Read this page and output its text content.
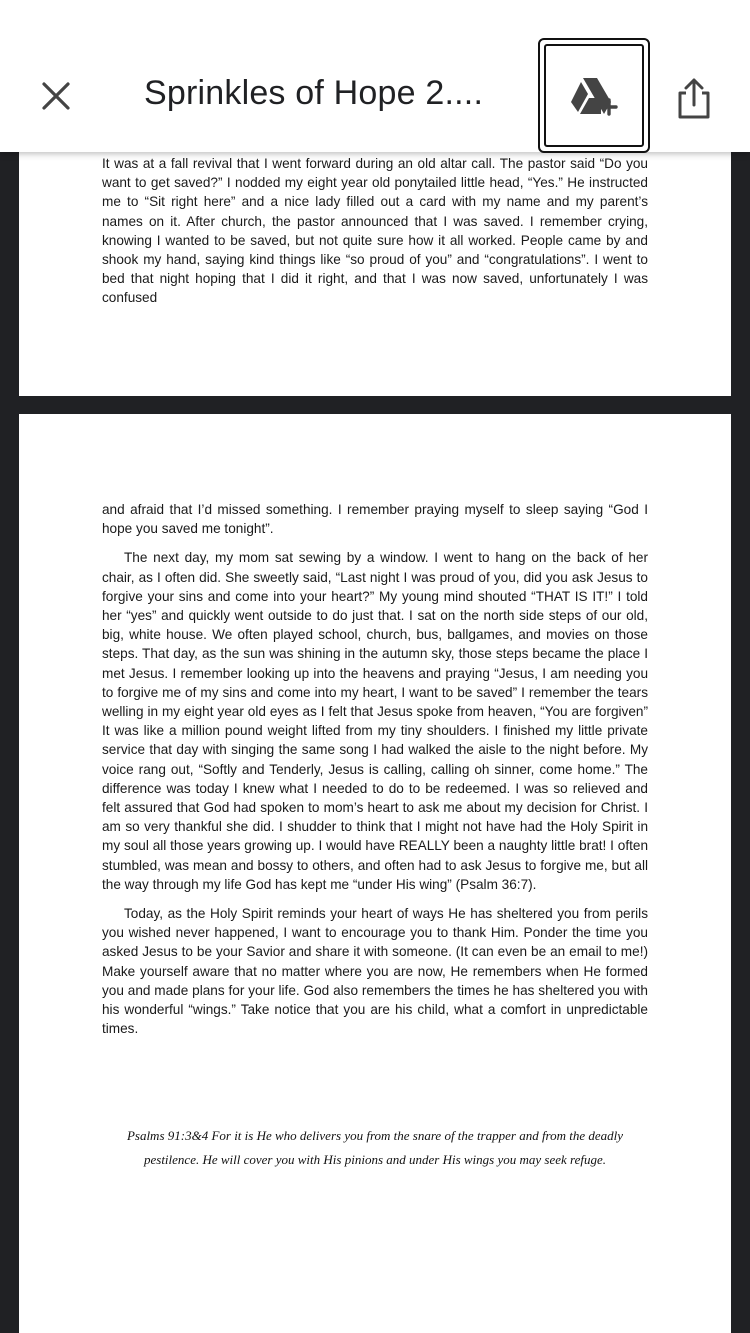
Sprinkles of Hope 2....

It was at a fall revival that I went forward during an old altar call. The pastor said “Do you want to get saved?” I nodded my eight year old ponytailed little head, “Yes.” He instructed me to “Sit right here” and a nice lady filled out a card with my name and my parent’s names on it. After church, the pastor announced that I was saved. I remember crying, knowing I wanted to be saved, but not quite sure how it all worked. People came by and shook my hand, saying kind things like “so proud of you” and “congratulations”. I went to bed that night hoping that I did it right, and that I was now saved, unfortunately I was confused

and afraid that I’d missed something. I remember praying myself to sleep saying “God I hope you saved me tonight”.

The next day, my mom sat sewing by a window. I went to hang on the back of her chair, as I often did. She sweetly said, “Last night I was proud of you, did you ask Jesus to forgive your sins and come into your heart?” My young mind shouted “THAT IS IT!” I told her “yes” and quickly went outside to do just that. I sat on the north side steps of our old, big, white house. We often played school, church, bus, ballgames, and movies on those steps. That day, as the sun was shining in the autumn sky, those steps became the place I met Jesus. I remember looking up into the heavens and praying “Jesus, I am needing you to forgive me of my sins and come into my heart, I want to be saved” I remember the tears welling in my eight year old eyes as I felt that Jesus spoke from heaven, “You are forgiven” It was like a million pound weight lifted from my tiny shoulders. I finished my little private service that day with singing the same song I had walked the aisle to the night before. My voice rang out, “Softly and Tenderly, Jesus is calling, calling oh sinner, come home.” The difference was today I knew what I needed to do to be redeemed. I was so relieved and felt assured that God had spoken to mom’s heart to ask me about my decision for Christ. I am so very thankful she did. I shudder to think that I might not have had the Holy Spirit in my soul all those years growing up. I would have REALLY been a naughty little brat! I often stumbled, was mean and bossy to others, and often had to ask Jesus to forgive me, but all the way through my life God has kept me “under His wing” (Psalm 36:7).

Today, as the Holy Spirit reminds your heart of ways He has sheltered you from perils you wished never happened, I want to encourage you to thank Him. Ponder the time you asked Jesus to be your Savior and share it with someone. (It can even be an email to me!) Make yourself aware that no matter where you are now, He remembers when He formed you and made plans for your life. God also remembers the times he has sheltered you with his wonderful “wings.” Take notice that you are his child, what a comfort in unpredictable times.

Psalms 91:3&4 For it is He who delivers you from the snare of the trapper and from the deadly pestilence. He will cover you with His pinions and under His wings you may seek refuge.
